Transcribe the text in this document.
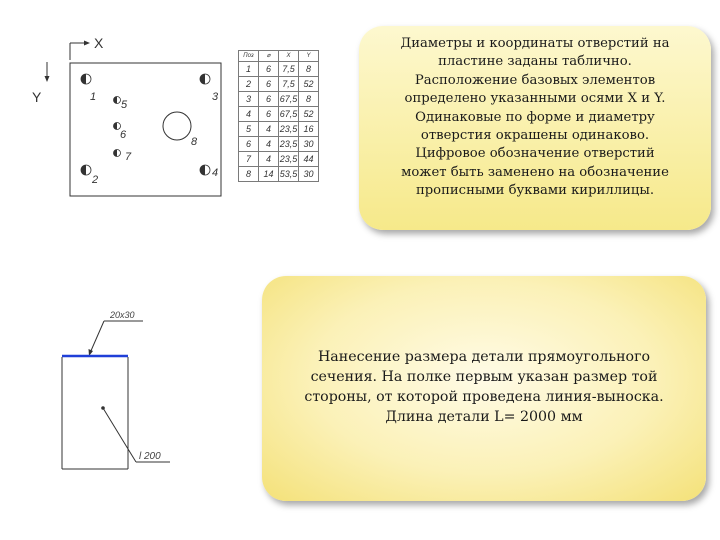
X
Y	1	3
2
4
5
6
7
8
20x30
l 200
Поз	⌀	X	Y
1	6	7,5	8
2	6	7,5	52
3	6	67,5	8
4	6	67,5	52
5	4	23,5	16
6	4	23,5	30
7	4	23,5	44
8	14	53,5	30
Диаметры и координаты отверстий на
пластине заданы таблично.
Расположение базовых элементов
определено указанными осями X и Y.
Одинаковые по форме и диаметру
отверстия окрашены одинаково.
Цифровое обозначение отверстий
может быть заменено на обозначение
прописными буквами кириллицы.
Нанесение размера детали прямоугольного
сечения. На полке первым указан размер той
стороны, от которой проведена линия-выноска.
Длина детали L= 2000 мм
